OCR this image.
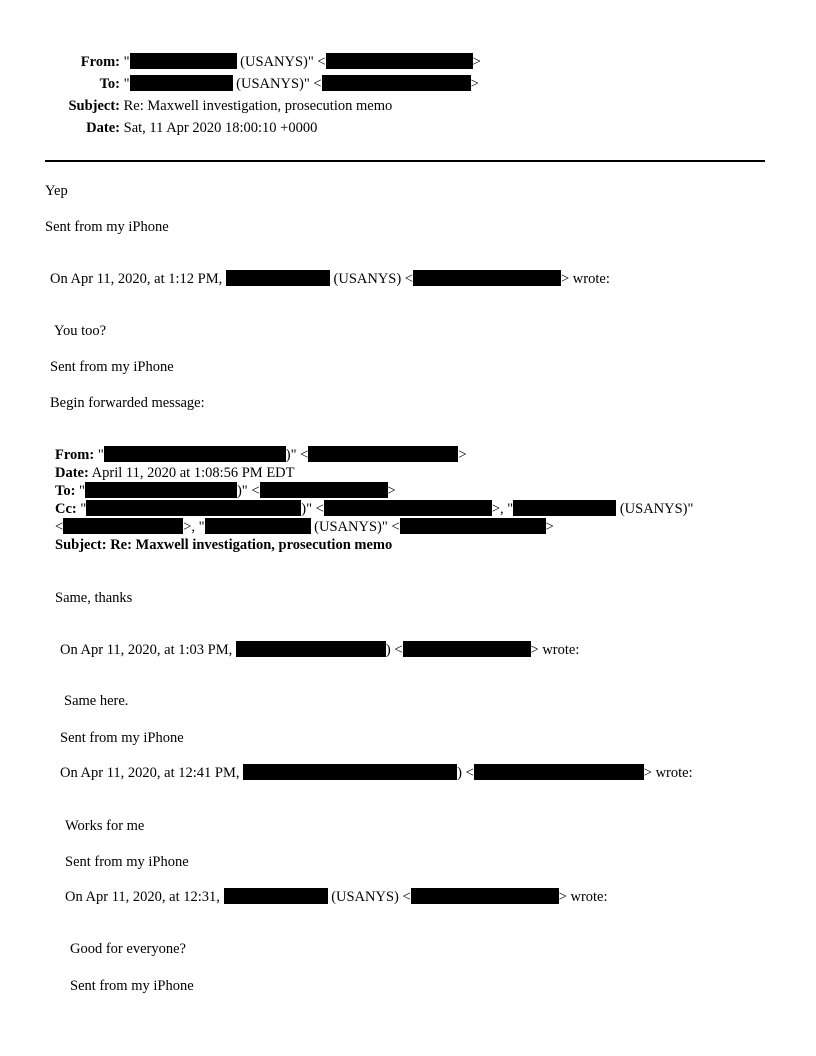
From: "	(USANYS)" <	>
To: "	(USANYS)" <	>
Subject: Re: Maxwell investigation, prosecution memo
Date: Sat, 11 Apr 2020 18:00:10 +0000
Yep
Sent from my iPhone
On Apr 11, 2020, at 1:12 PM,	(USANYS) <	> wrote:
You too?
Sent from my iPhone
Begin forwarded message:
From: "	)" <	>
Date: April 11, 2020 at 1:08:56 PM EDT
To: "	)" <	>
Cc: "	)" <	>, "	(USANYS)"
<	>, "	(USANYS)" <	>
Subject: Re: Maxwell investigation, prosecution memo
Same, thanks
On Apr 11, 2020, at 1:03 PM,	) <	> wrote:
Same here.
Sent from my iPhone
On Apr 11, 2020, at 12:41 PM,	) <	> wrote:
Works for me
Sent from my iPhone
On Apr 11, 2020, at 12:31,	(USANYS) <	> wrote:
Good for everyone?
Sent from my iPhone
